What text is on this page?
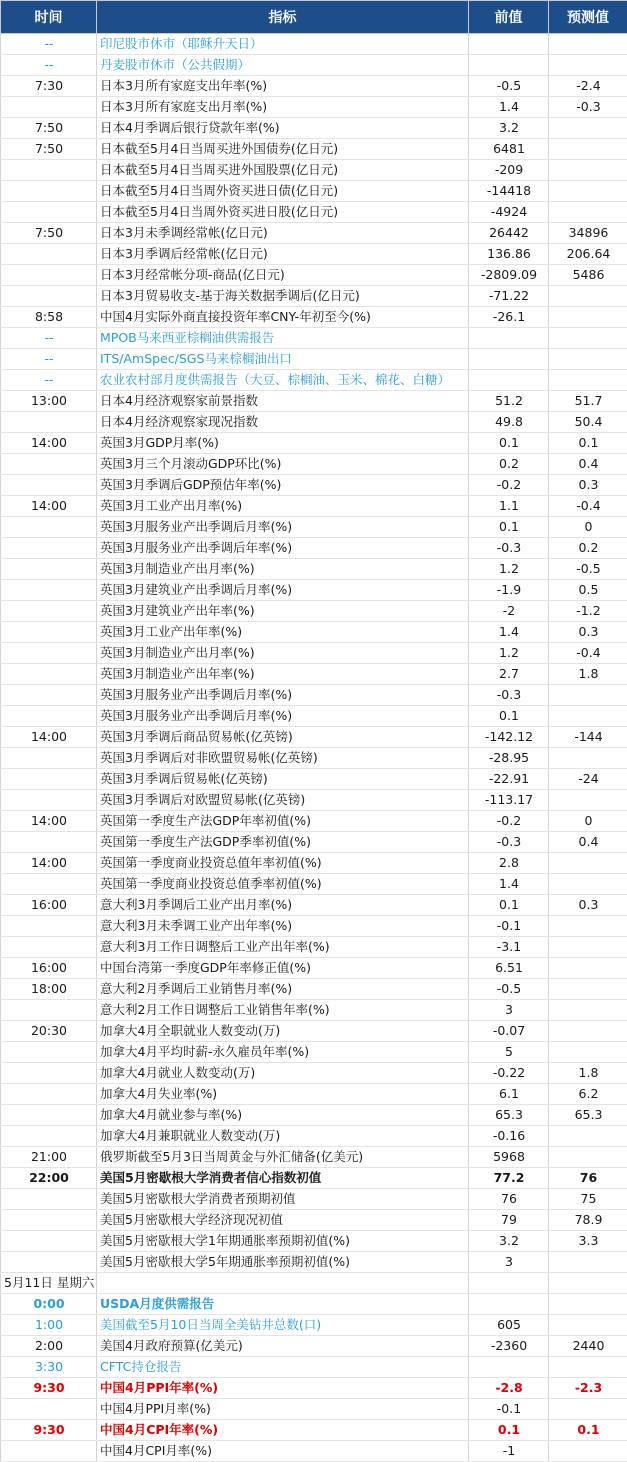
时间	指标	前值	预测值
--	印尼股市休市（耶稣升天日）		
--	丹麦股市休市（公共假期）		
7:30	日本3月所有家庭支出年率(%)	-0.5	-2.4
	日本3月所有家庭支出月率(%)	1.4	-0.3
7:50	日本4月季调后银行贷款年率(%)	3.2	
7:50	日本截至5月4日当周买进外国债券(亿日元)	6481	
	日本截至5月4日当周买进外国股票(亿日元)	-209	
	日本截至5月4日当周外资买进日债(亿日元)	-14418	
	日本截至5月4日当周外资买进日股(亿日元)	-4924	
7:50	日本3月未季调经常帐(亿日元)	26442	34896
	日本3月季调后经常帐(亿日元)	136.86	206.64
	日本3月经常帐分项-商品(亿日元)	-2809.09	5486
	日本3月贸易收支-基于海关数据季调后(亿日元)	-71.22	
8:58	中国4月实际外商直接投资年率CNY-年初至今(%)	-26.1	
--	MPOB马来西亚棕榈油供需报告		
--	ITS/AmSpec/SGS马来棕榈油出口		
--	农业农村部月度供需报告（大豆、棕榈油、玉米、棉花、白糖）		
13:00	日本4月经济观察家前景指数	51.2	51.7
	日本4月经济观察家现况指数	49.8	50.4
14:00	英国3月GDP月率(%)	0.1	0.1
	英国3月三个月滚动GDP环比(%)	0.2	0.4
	英国3月季调后GDP预估年率(%)	-0.2	0.3
14:00	英国3月工业产出月率(%)	1.1	-0.4
	英国3月服务业产出季调后月率(%)	0.1	0
	英国3月服务业产出季调后年率(%)	-0.3	0.2
	英国3月制造业产出月率(%)	1.2	-0.5
	英国3月建筑业产出季调后月率(%)	-1.9	0.5
	英国3月建筑业产出年率(%)	-2	-1.2
	英国3月工业产出年率(%)	1.4	0.3
	英国3月制造业产出月率(%)	1.2	-0.4
	英国3月制造业产出年率(%)	2.7	1.8
	英国3月服务业产出季调后月率(%)	-0.3	
	英国3月服务业产出季调后月率(%)	0.1	
14:00	英国3月季调后商品贸易帐(亿英镑)	-142.12	-144
	英国3月季调后对非欧盟贸易帐(亿英镑)	-28.95	
	英国3月季调后贸易帐(亿英镑)	-22.91	-24
	英国3月季调后对欧盟贸易帐(亿英镑)	-113.17	
14:00	英国第一季度生产法GDP年率初值(%)	-0.2	0
	英国第一季度生产法GDP季率初值(%)	-0.3	0.4
14:00	英国第一季度商业投资总值年率初值(%)	2.8	
	英国第一季度商业投资总值季率初值(%)	1.4	
16:00	意大利3月季调后工业产出月率(%)	0.1	0.3
	意大利3月未季调工业产出年率(%)	-0.1	
	意大利3月工作日调整后工业产出年率(%)	-3.1	
16:00	中国台湾第一季度GDP年率修正值(%)	6.51	
18:00	意大利2月季调后工业销售月率(%)	-0.5	
	意大利2月工作日调整后工业销售年率(%)	3	
20:30	加拿大4月全职就业人数变动(万)	-0.07	
	加拿大4月平均时薪-永久雇员年率(%)	5	
	加拿大4月就业人数变动(万)	-0.22	1.8
	加拿大4月失业率(%)	6.1	6.2
	加拿大4月就业参与率(%)	65.3	65.3
	加拿大4月兼职就业人数变动(万)	-0.16	
21:00	俄罗斯截至5月3日当周黄金与外汇储备(亿美元)	5968	
22:00	美国5月密歇根大学消费者信心指数初值	77.2	76
	美国5月密歇根大学消费者预期初值	76	75
	美国5月密歇根大学经济现况初值	79	78.9
	美国5月密歇根大学1年期通胀率预期初值(%)	3.2	3.3
	美国5月密歇根大学5年期通胀率预期初值(%)	3	
5月11日 星期六			
0:00	USDA月度供需报告		
1:00	美国截至5月10日当周全美钻井总数(口)	605	
2:00	美国4月政府预算(亿美元)	-2360	2440
3:30	CFTC持仓报告		
9:30	中国4月PPI年率(%)	-2.8	-2.3
	中国4月PPI月率(%)	-0.1	
9:30	中国4月CPI年率(%)	0.1	0.1
	中国4月CPI月率(%)	-1	
